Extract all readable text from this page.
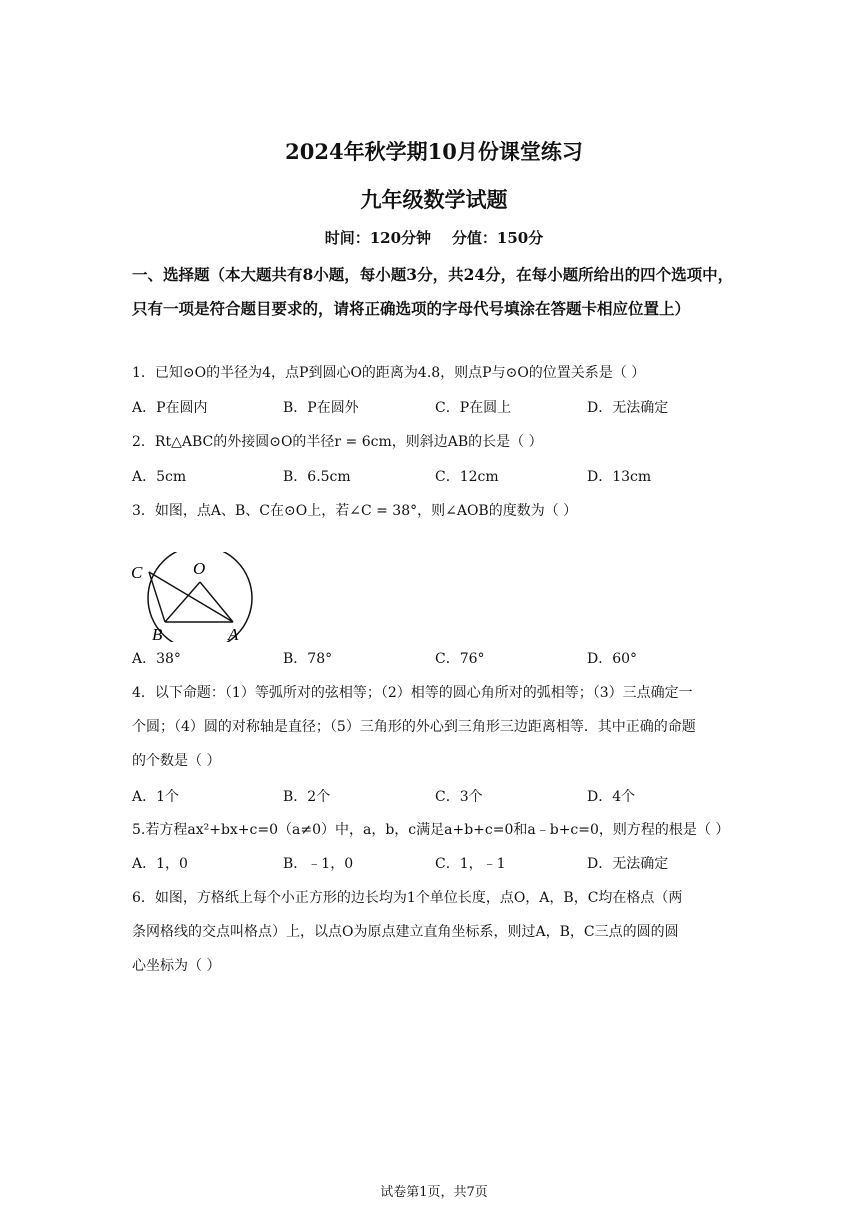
2024年秋学期10月份课堂练习
九年级数学试题
时间：120分钟    分值：150分
一、选择题（本大题共有8小题，每小题3分，共24分，在每小题所给出的四个选项中，只有一项是符合题目要求的，请将正确选项的字母代号填涂在答题卡相应位置上）
1．已知⊙O的半径为4，点P到圆心O的距离为4.8，则点P与⊙O的位置关系是（ ）
A．P在圆内	B．P在圆外	C．P在圆上	D．无法确定
2．Rt△ABC的外接圆⊙O的半径r = 6cm，则斜边AB的长是（ ）
A．5cm	B．6.5cm	C．12cm	D．13cm
3．如图，点A、B、C在⊙O上，若∠C = 38°，则∠AOB的度数为（ ）
C	O
B	A
A．38°	B．78°	C．76°	D．60°
4．以下命题：（1）等弧所对的弦相等；（2）相等的圆心角所对的弧相等；（3）三点确定一
个圆；（4）圆的对称轴是直径；（5）三角形的外心到三角形三边距离相等．其中正确的命题
的个数是（ ）
A．1个	B．2个	C．3个	D．4个
5.若方程ax²+bx+c=0（a≠0）中，a，b，c满足a+b+c=0和a﹣b+c=0，则方程的根是（ ）
A．1，0	B．﹣1，0	C．1，﹣1	D．无法确定
6．如图，方格纸上每个小正方形的边长均为1个单位长度，点O，A，B，C均在格点（两
条网格线的交点叫格点）上，以点O为原点建立直角坐标系，则过A，B，C三点的圆的圆
心坐标为（ ）
试卷第1页，共7页
